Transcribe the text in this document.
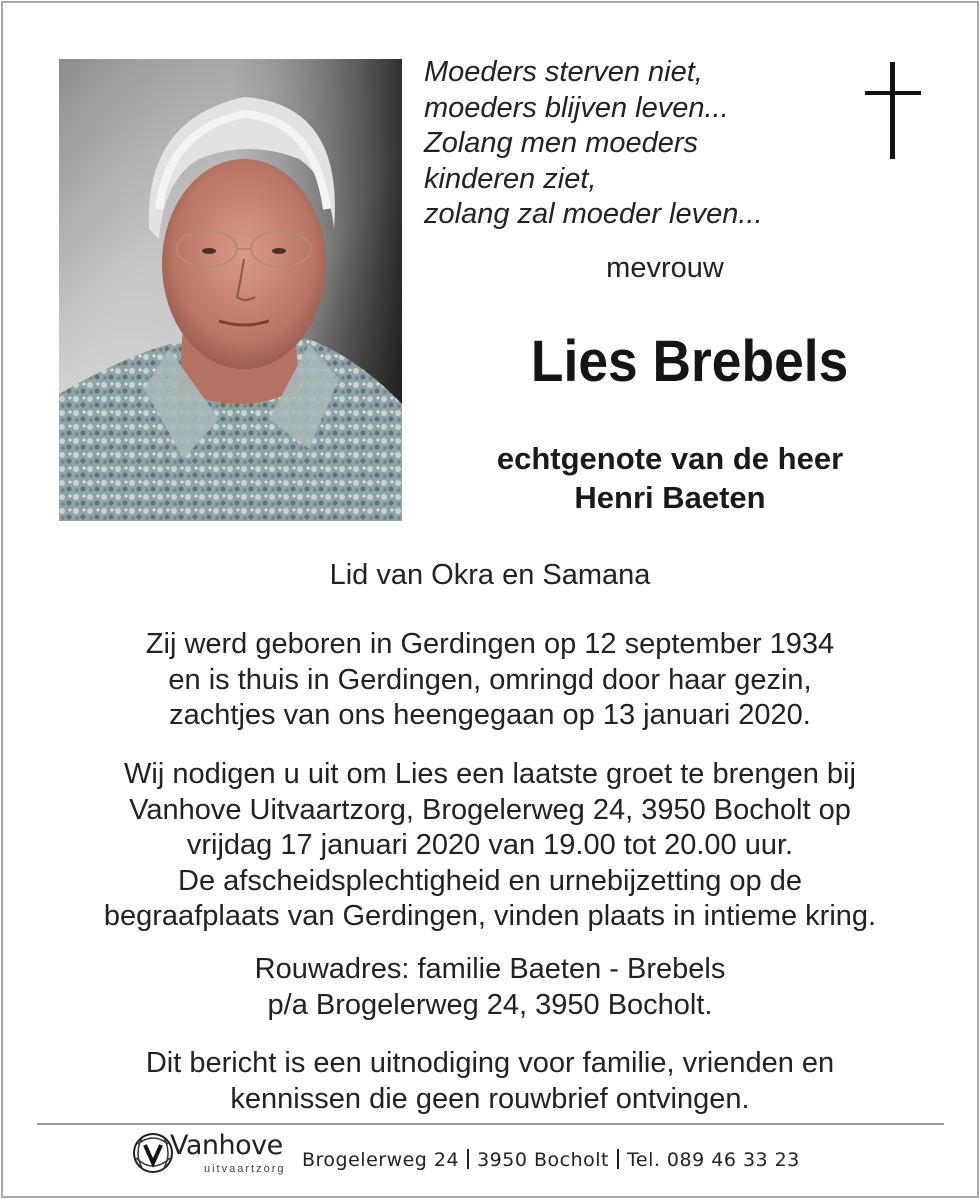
Moeders sterven niet,
moeders blijven leven...
Zolang men moeders
kinderen ziet,
zolang zal moeder leven...
mevrouw
Lies Brebels
echtgenote van de heer
Henri Baeten
Lid van Okra en Samana
Zij werd geboren in Gerdingen op 12 september 1934
en is thuis in Gerdingen, omringd door haar gezin,
zachtjes van ons heengegaan op 13 januari 2020.
Wij nodigen u uit om Lies een laatste groet te brengen bij
Vanhove Uitvaartzorg, Brogelerweg 24, 3950 Bocholt op
vrijdag 17 januari 2020 van 19.00 tot 20.00 uur.
De afscheidsplechtigheid en urnebijzetting op de
begraafplaats van Gerdingen, vinden plaats in intieme kring.
Rouwadres: familie Baeten - Brebels
p/a Brogelerweg 24, 3950 Bocholt.
Dit bericht is een uitnodiging voor familie, vrienden en
kennissen die geen rouwbrief ontvingen.
Vanhove
uitvaartzorg Brogelerweg 24 3950 Bocholt Tel. 089 46 33 23
